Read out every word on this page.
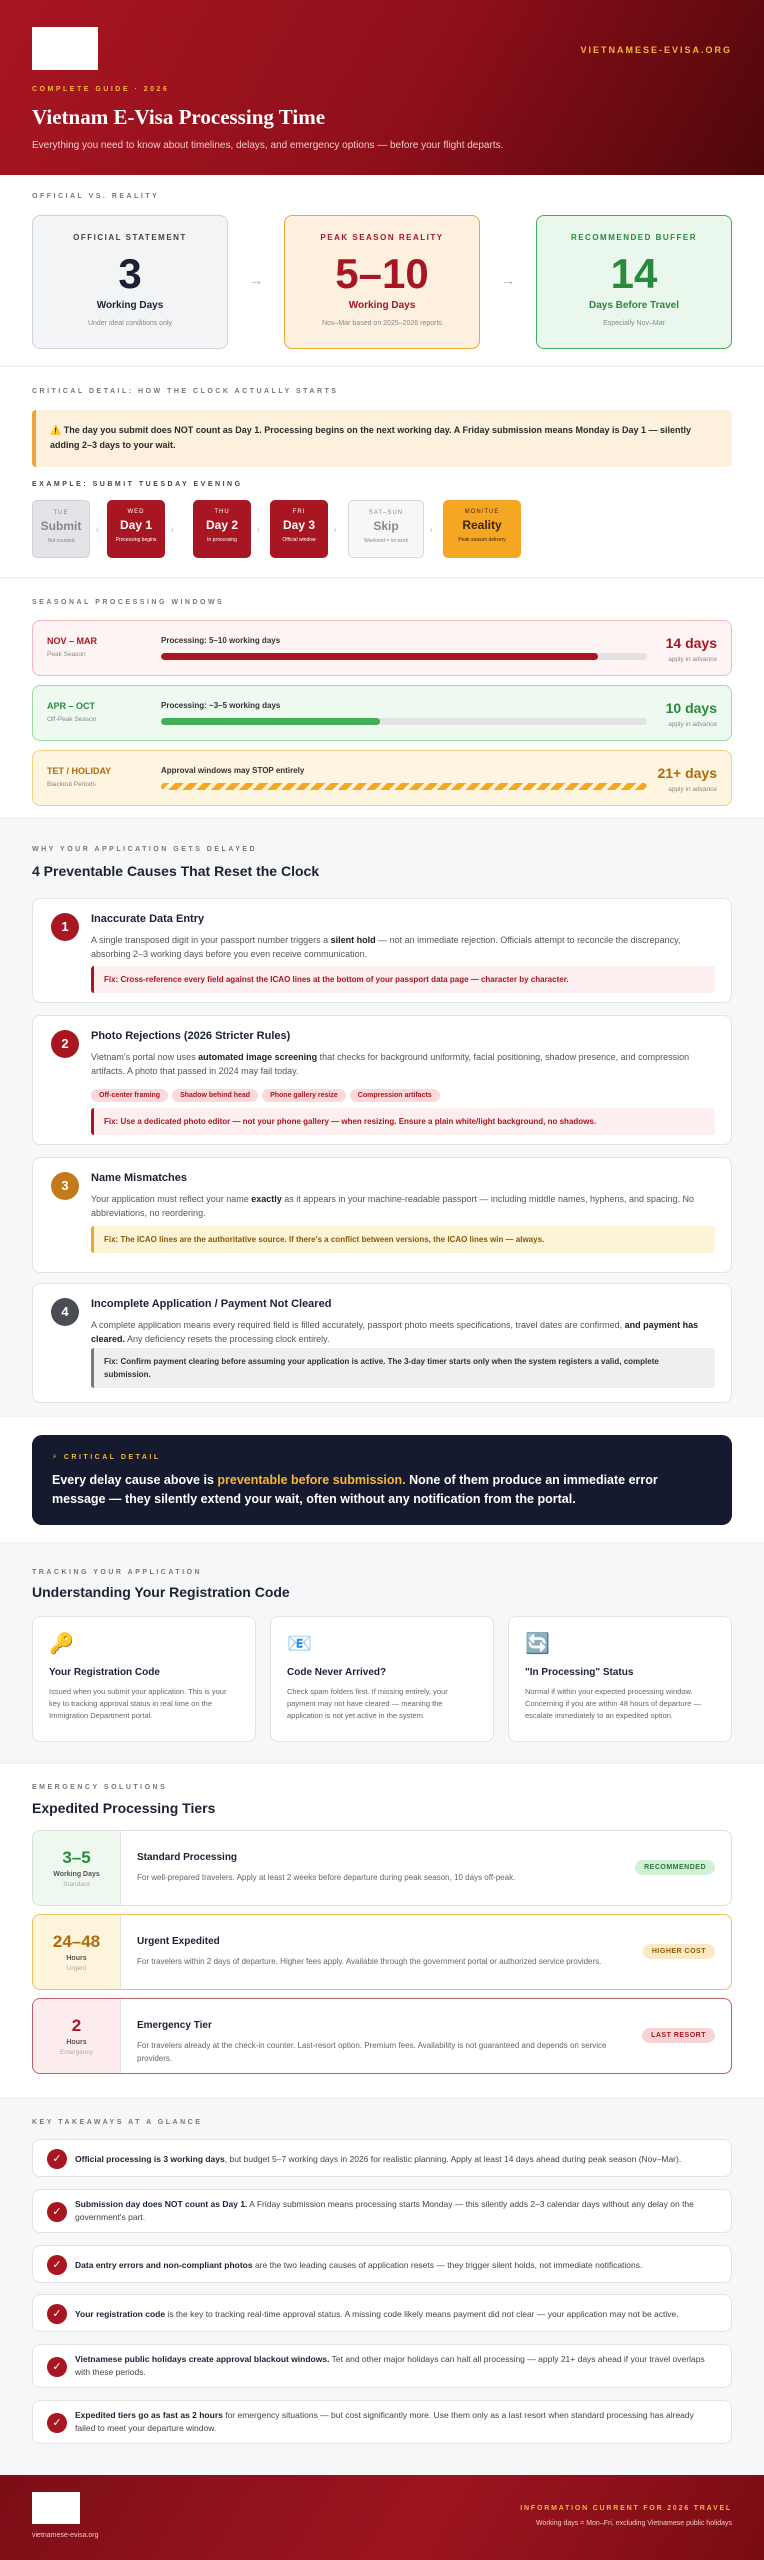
VIETNAMESE-EVISA.ORG
COMPLETE GUIDE · 2026
Vietnam E-Visa Processing Time
Everything you need to know about timelines, delays, and emergency options — before your flight departs.
OFFICIAL VS. REALITY
OFFICIAL STATEMENT
3
Working Days
Under ideal conditions only
→
PEAK SEASON REALITY
5–10
Working Days
Nov–Mar based on 2025–2026 reports
→
RECOMMENDED BUFFER
14
Days Before Travel
Especially Nov–Mar
CRITICAL DETAIL: HOW THE CLOCK ACTUALLY STARTS
⚠️ The day you submit does NOT count as Day 1. Processing begins on the next working day. A Friday submission means Monday is Day 1 — silently adding 2–3 days to your wait.
EXAMPLE: SUBMIT TUESDAY EVENING
TUE
Submit
Not counted
›
WED
Day 1
Processing begins
›
THU
Day 2
In processing
›
FRI
Day 3
Official window
›
SAT–SUN
Skip
Weekend = no work
›
MON/TUE
Reality
Peak season delivery
SEASONAL PROCESSING WINDOWS
NOV – MAR
Peak Season
Processing: 5–10 working days	14 days
apply in advance
APR – OCT
Off-Peak Season
Processing: ~3–5 working days	10 days
apply in advance
TET / HOLIDAY
Blackout Periods
Approval windows may STOP entirely	21+ days
apply in advance
WHY YOUR APPLICATION GETS DELAYED
4 Preventable Causes That Reset the Clock
1	Inaccurate Data Entry
A single transposed digit in your passport number triggers a silent hold — not an immediate rejection. Officials attempt to reconcile the discrepancy, absorbing 2–3 working days before you even receive communication.
Fix: Cross-reference every field against the ICAO lines at the bottom of your passport data page — character by character.
2	Photo Rejections (2026 Stricter Rules)
Vietnam's portal now uses automated image screening that checks for background uniformity, facial positioning, shadow presence, and compression artifacts. A photo that passed in 2024 may fail today.
Off-center framing	Shadow behind head	Phone gallery resize	Compression artifacts
Fix: Use a dedicated photo editor — not your phone gallery — when resizing. Ensure a plain white/light background, no shadows.
3	Name Mismatches
Your application must reflect your name exactly as it appears in your machine-readable passport — including middle names, hyphens, and spacing. No abbreviations, no reordering.
Fix: The ICAO lines are the authoritative source. If there's a conflict between versions, the ICAO lines win — always.
4	Incomplete Application / Payment Not Cleared
A complete application means every required field is filled accurately, passport photo meets specifications, travel dates are confirmed, and payment has cleared. Any deficiency resets the processing clock entirely.
Fix: Confirm payment clearing before assuming your application is active. The 3-day timer starts only when the system registers a valid, complete submission.
⚡ CRITICAL DETAIL
Every delay cause above is preventable before submission. None of them produce an immediate error message — they silently extend your wait, often without any notification from the portal.
TRACKING YOUR APPLICATION
Understanding Your Registration Code
🔑
Your Registration Code
Issued when you submit your application. This is your key to tracking approval status in real time on the Immigration Department portal.
📧
Code Never Arrived?
Check spam folders first. If missing entirely, your payment may not have cleared — meaning the application is not yet active in the system.
🔄
"In Processing" Status
Normal if within your expected processing window. Concerning if you are within 48 hours of departure — escalate immediately to an expedited option.
EMERGENCY SOLUTIONS
Expedited Processing Tiers
3–5
Working Days
Standard
Standard Processing
For well-prepared travelers. Apply at least 2 weeks before departure during peak season, 10 days off-peak.
RECOMMENDED
24–48
Hours
Urgent
Urgent Expedited
For travelers within 2 days of departure. Higher fees apply. Available through the government portal or authorized service providers.
HIGHER COST
2
Hours
Emergency
Emergency Tier
For travelers already at the check-in counter. Last-resort option. Premium fees. Availability is not guaranteed and depends on service providers.
LAST RESORT
KEY TAKEAWAYS AT A GLANCE
✓	Official processing is 3 working days, but budget 5–7 working days in 2026 for realistic planning. Apply at least 14 days ahead during peak season (Nov–Mar).
✓
Submission day does NOT count as Day 1. A Friday submission means processing starts Monday — this silently adds 2–3 calendar days without any delay on the government's part.
✓	Data entry errors and non-compliant photos are the two leading causes of application resets — they trigger silent holds, not immediate notifications.
✓	Your registration code is the key to tracking real-time approval status. A missing code likely means payment did not clear — your application may not be active.
✓
Vietnamese public holidays create approval blackout windows. Tet and other major holidays can halt all processing — apply 21+ days ahead if your travel overlaps with these periods.
✓
Expedited tiers go as fast as 2 hours for emergency situations — but cost significantly more. Use them only as a last resort when standard processing has already failed to meet your departure window.
vietnamese-evisa.org
INFORMATION CURRENT FOR 2026 TRAVEL
Working days = Mon–Fri, excluding Vietnamese public holidays
